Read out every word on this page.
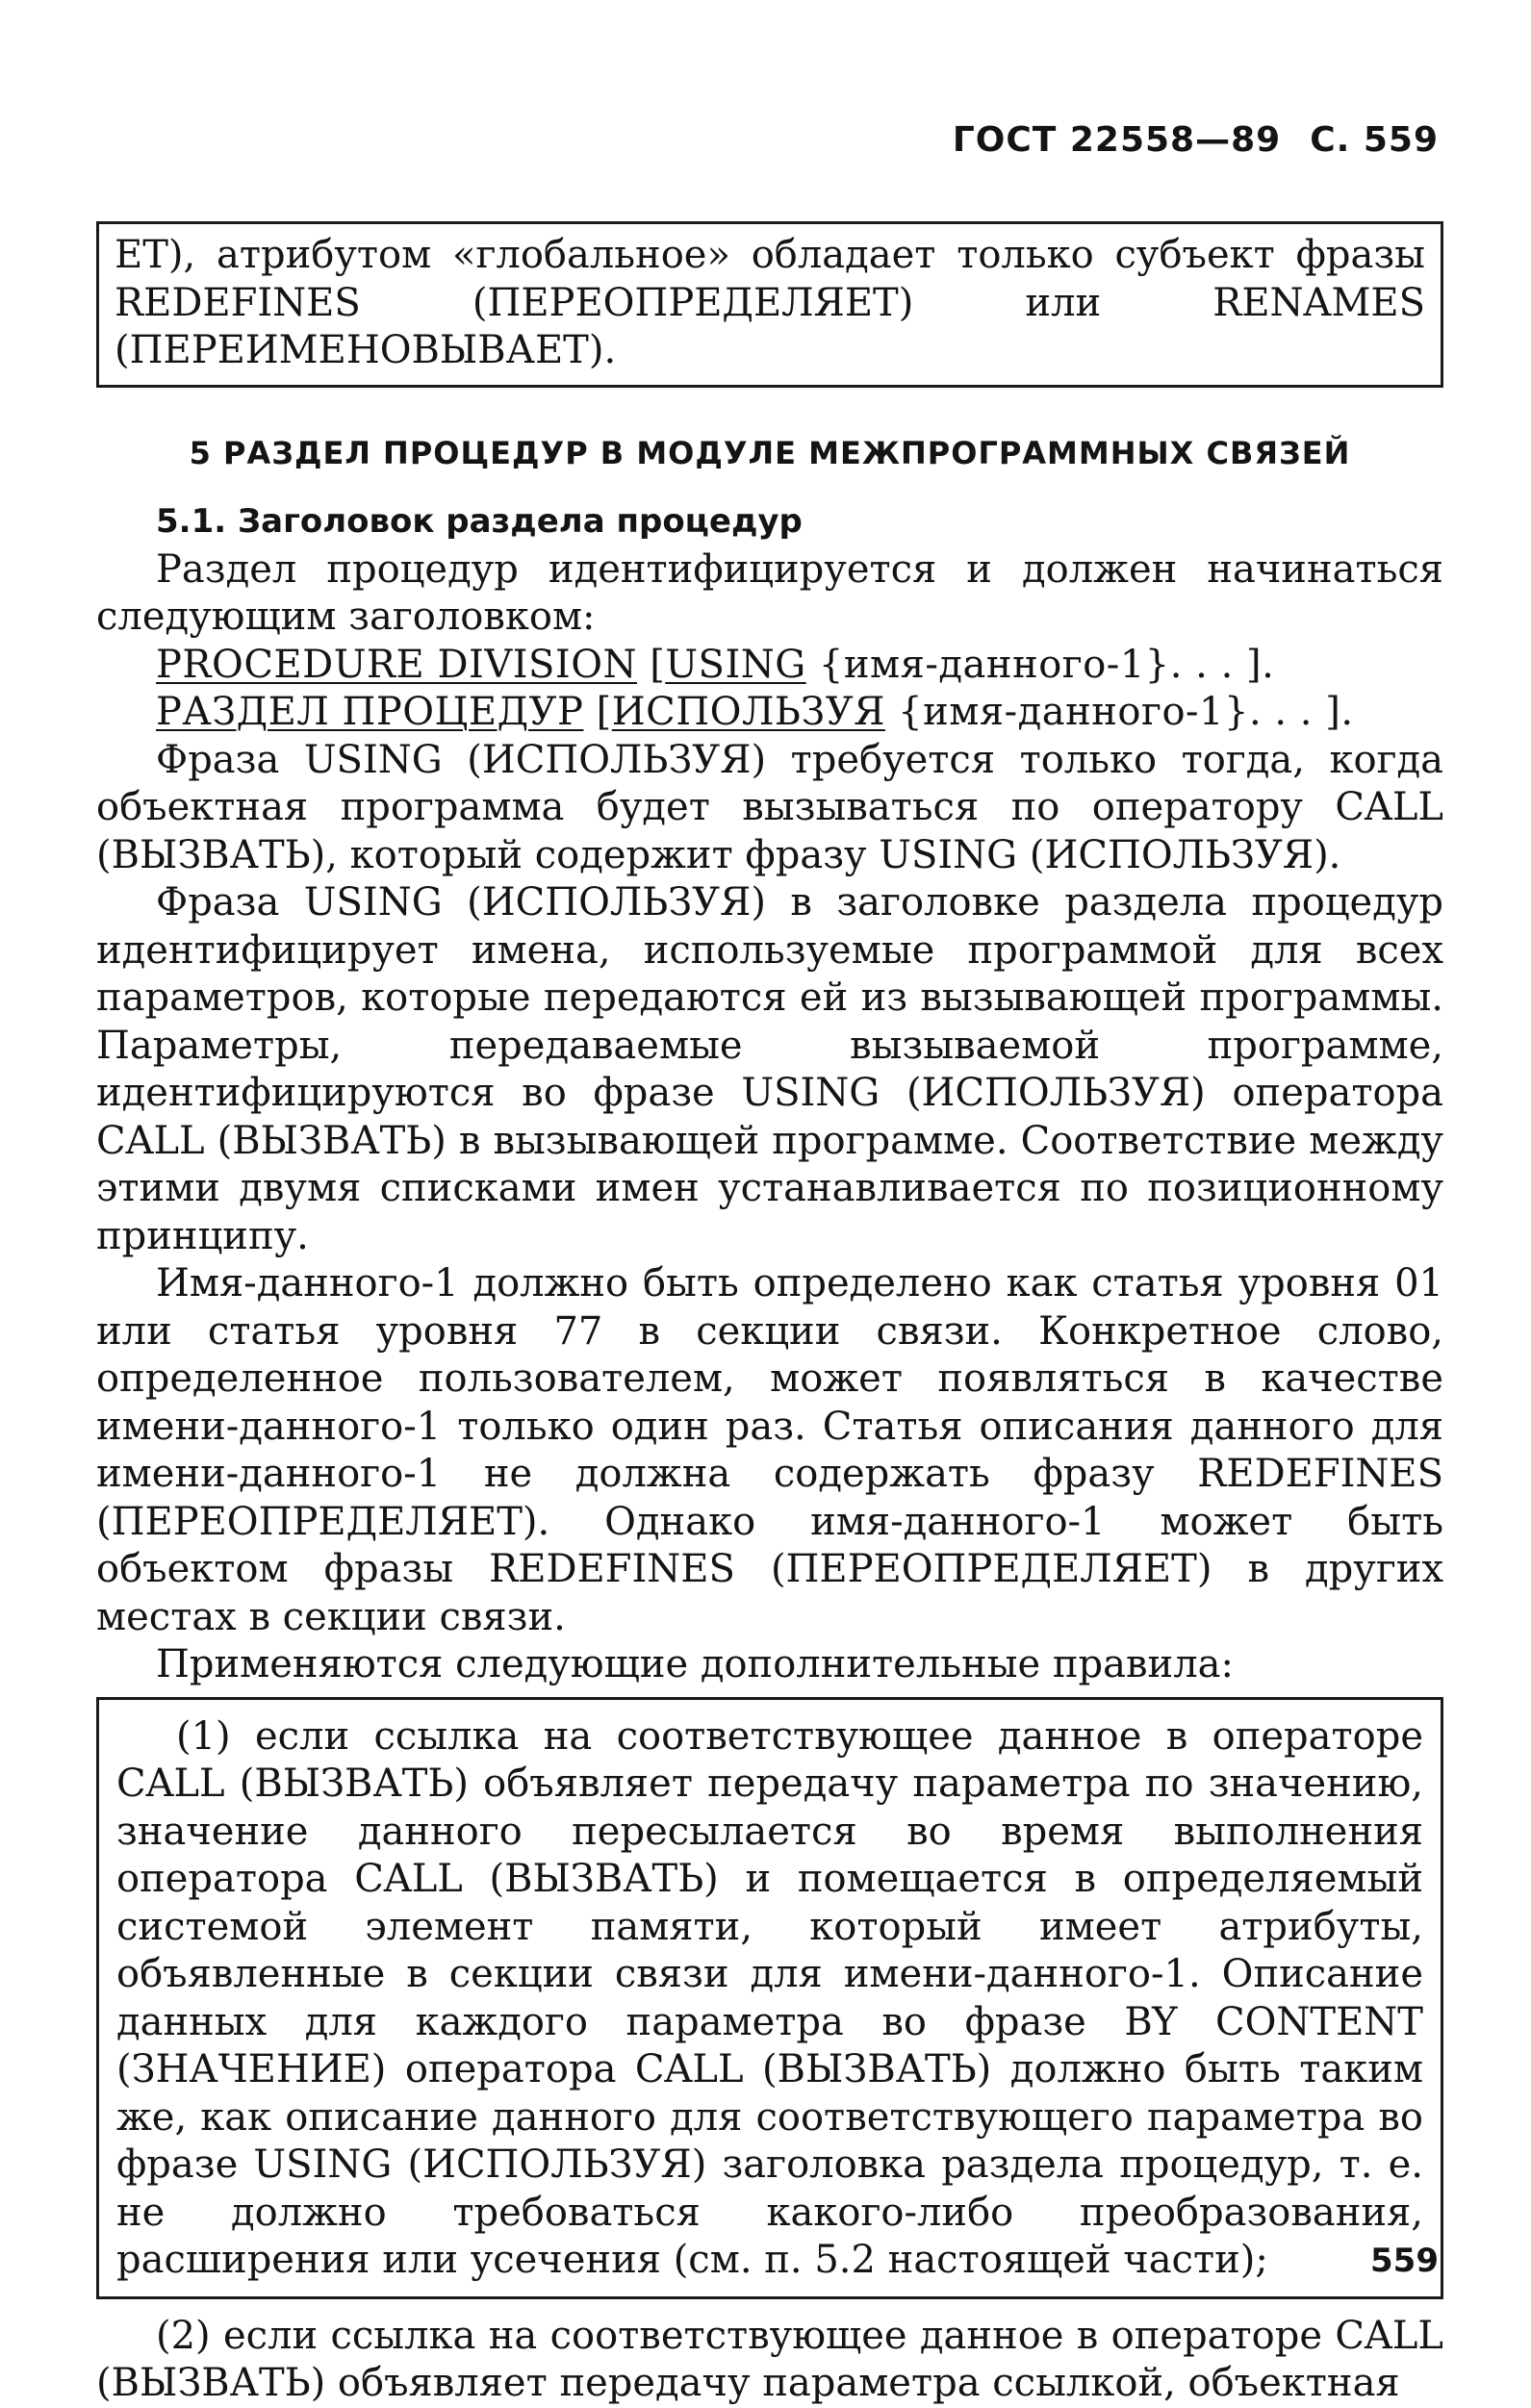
ГОСТ 22558—89 С. 559

ЕТ), атрибутом «глобальное» обладает только субъект фразы REDEFINES (ПЕРЕОПРЕДЕЛЯЕТ) или RENAMES (ПЕРЕИМЕНОВЫВАЕТ).

5 РАЗДЕЛ ПРОЦЕДУР В МОДУЛЕ МЕЖПРОГРАММНЫХ СВЯЗЕЙ

5.1. Заголовок раздела процедур

Раздел процедур идентифицируется и должен начинаться следующим заголовком:

PROCEDURE DIVISION [USING {имя-данного-1}. . . ].

РАЗДЕЛ ПРОЦЕДУР [ИСПОЛЬЗУЯ {имя-данного-1}. . . ].

Фраза USING (ИСПОЛЬЗУЯ) требуется только тогда, когда объектная программа будет вызываться по оператору CALL (ВЫЗВАТЬ), который содержит фразу USING (ИСПОЛЬЗУЯ).

Фраза USING (ИСПОЛЬЗУЯ) в заголовке раздела процедур идентифицирует имена, используемые программой для всех параметров, которые передаются ей из вызывающей программы. Параметры, передаваемые вызываемой программе, идентифицируются во фразе USING (ИСПОЛЬЗУЯ) оператора CALL (ВЫЗВАТЬ) в вызывающей программе. Соответствие между этими двумя списками имен устанавливается по позиционному принципу.

Имя-данного-1 должно быть определено как статья уровня 01 или статья уровня 77 в секции связи. Конкретное слово, определенное пользователем, может появляться в качестве имени-данного-1 только один раз. Статья описания данного для имени-данного-1 не должна содержать фразу REDEFINES (ПЕРЕОПРЕДЕЛЯЕТ). Однако имя-данного-1 может быть объектом фразы REDEFINES (ПЕРЕОПРЕДЕЛЯЕТ) в других местах в секции связи.

Применяются следующие дополнительные правила:

(1) если ссылка на соответствующее данное в операторе CALL (ВЫЗВАТЬ) объявляет передачу параметра по значению, значение данного пересылается во время выполнения оператора CALL (ВЫЗВАТЬ) и помещается в определяемый системой элемент памяти, который имеет атрибуты, объявленные в секции связи для имени-данного-1. Описание данных для каждого параметра во фразе BY CONTENT (ЗНАЧЕНИЕ) оператора CALL (ВЫЗВАТЬ) должно быть таким же, как описание данного для соответствующего параметра во фразе USING (ИСПОЛЬЗУЯ) заголовка раздела процедур, т. е. не должно требоваться какого-либо преобразования, расширения или усечения (см. п. 5.2 настоящей части);

(2) если ссылка на соответствующее данное в операторе CALL (ВЫЗВАТЬ) объявляет передачу параметра ссылкой, объектная

559
